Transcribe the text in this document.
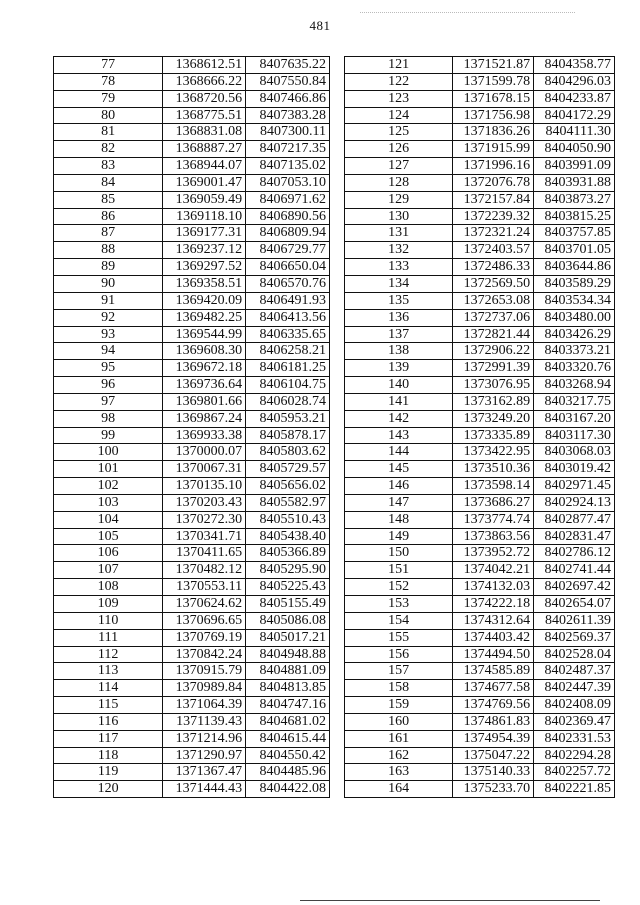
481
77	1368612.51	8407635.22
78	1368666.22	8407550.84
79	1368720.56	8407466.86
80	1368775.51	8407383.28
81	1368831.08	8407300.11
82	1368887.27	8407217.35
83	1368944.07	8407135.02
84	1369001.47	8407053.10
85	1369059.49	8406971.62
86	1369118.10	8406890.56
87	1369177.31	8406809.94
88	1369237.12	8406729.77
89	1369297.52	8406650.04
90	1369358.51	8406570.76
91	1369420.09	8406491.93
92	1369482.25	8406413.56
93	1369544.99	8406335.65
94	1369608.30	8406258.21
95	1369672.18	8406181.25
96	1369736.64	8406104.75
97	1369801.66	8406028.74
98	1369867.24	8405953.21
99	1369933.38	8405878.17
100	1370000.07	8405803.62
101	1370067.31	8405729.57
102	1370135.10	8405656.02
103	1370203.43	8405582.97
104	1370272.30	8405510.43
105	1370341.71	8405438.40
106	1370411.65	8405366.89
107	1370482.12	8405295.90
108	1370553.11	8405225.43
109	1370624.62	8405155.49
110	1370696.65	8405086.08
111	1370769.19	8405017.21
112	1370842.24	8404948.88
113	1370915.79	8404881.09
114	1370989.84	8404813.85
115	1371064.39	8404747.16
116	1371139.43	8404681.02
117	1371214.96	8404615.44
118	1371290.97	8404550.42
119	1371367.47	8404485.96
120	1371444.43	8404422.08
121	1371521.87	8404358.77
122	1371599.78	8404296.03
123	1371678.15	8404233.87
124	1371756.98	8404172.29
125	1371836.26	8404111.30
126	1371915.99	8404050.90
127	1371996.16	8403991.09
128	1372076.78	8403931.88
129	1372157.84	8403873.27
130	1372239.32	8403815.25
131	1372321.24	8403757.85
132	1372403.57	8403701.05
133	1372486.33	8403644.86
134	1372569.50	8403589.29
135	1372653.08	8403534.34
136	1372737.06	8403480.00
137	1372821.44	8403426.29
138	1372906.22	8403373.21
139	1372991.39	8403320.76
140	1373076.95	8403268.94
141	1373162.89	8403217.75
142	1373249.20	8403167.20
143	1373335.89	8403117.30
144	1373422.95	8403068.03
145	1373510.36	8403019.42
146	1373598.14	8402971.45
147	1373686.27	8402924.13
148	1373774.74	8402877.47
149	1373863.56	8402831.47
150	1373952.72	8402786.12
151	1374042.21	8402741.44
152	1374132.03	8402697.42
153	1374222.18	8402654.07
154	1374312.64	8402611.39
155	1374403.42	8402569.37
156	1374494.50	8402528.04
157	1374585.89	8402487.37
158	1374677.58	8402447.39
159	1374769.56	8402408.09
160	1374861.83	8402369.47
161	1374954.39	8402331.53
162	1375047.22	8402294.28
163	1375140.33	8402257.72
164	1375233.70	8402221.85
